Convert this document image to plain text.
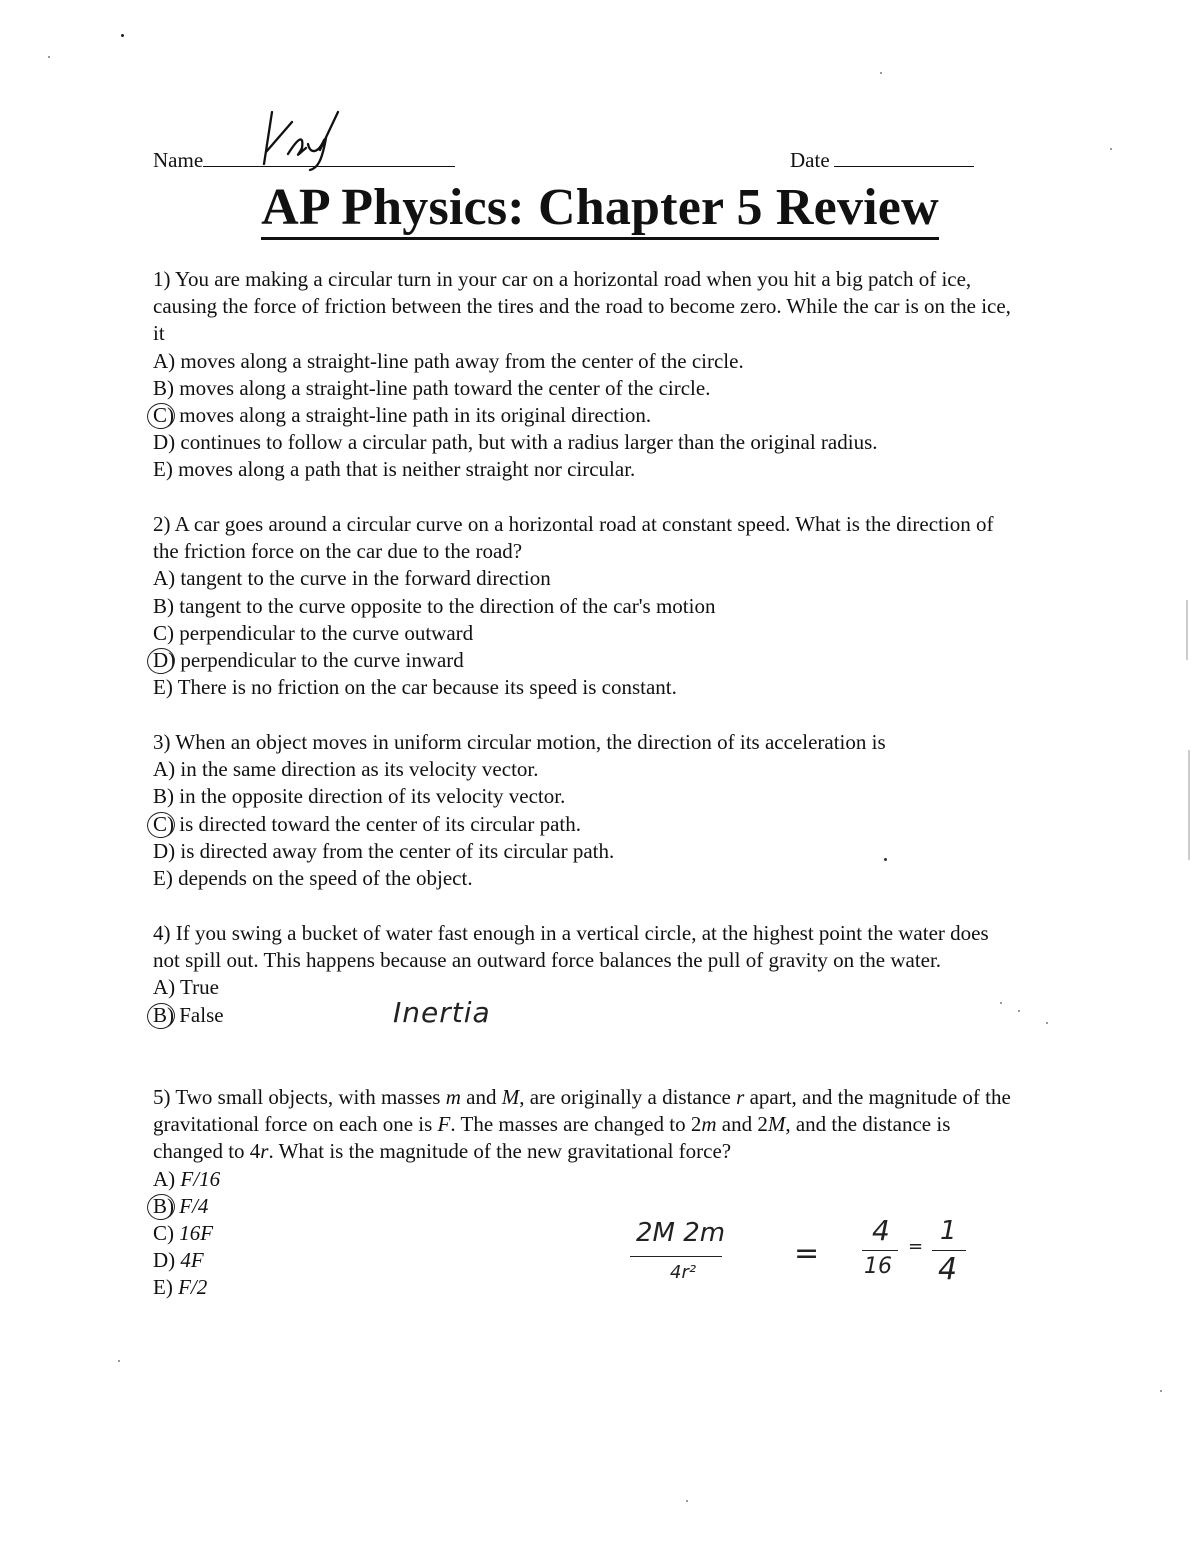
Name	Date
AP Physics: Chapter 5 Review

1) You are making a circular turn in your car on a horizontal road when you hit a big patch of ice, causing the force of friction between the tires and the road to become zero. While the car is on the ice, it

A) moves along a straight-line path away from the center of the circle.

B) moves along a straight-line path toward the center of the circle.

C) moves along a straight-line path in its original direction.

D) continues to follow a circular path, but with a radius larger than the original radius.

E) moves along a path that is neither straight nor circular.

2) A car goes around a circular curve on a horizontal road at constant speed. What is the direction of the friction force on the car due to the road?

A) tangent to the curve in the forward direction

B) tangent to the curve opposite to the direction of the car's motion

C) perpendicular to the curve outward

D) perpendicular to the curve inward

E) There is no friction on the car because its speed is constant.

3) When an object moves in uniform circular motion, the direction of its acceleration is

A) in the same direction as its velocity vector.

B) in the opposite direction of its velocity vector.

C) is directed toward the center of its circular path.

D) is directed away from the center of its circular path.

E) depends on the speed of the object.

4) If you swing a bucket of water fast enough in a vertical circle, at the highest point the water does not spill out. This happens because an outward force balances the pull of gravity on the water.

A) True

B) False	Inertia

5) Two small objects, with masses m and M, are originally a distance r apart, and the magnitude of the gravitational force on each one is F. The masses are changed to 2m and 2M, and the distance is changed to 4r. What is the magnitude of the new gravitational force?

A) F/16

B) F/4

C) 16F

D) 4F

E) F/2

2M 2m
4r²
=
4
16
=
1
4
